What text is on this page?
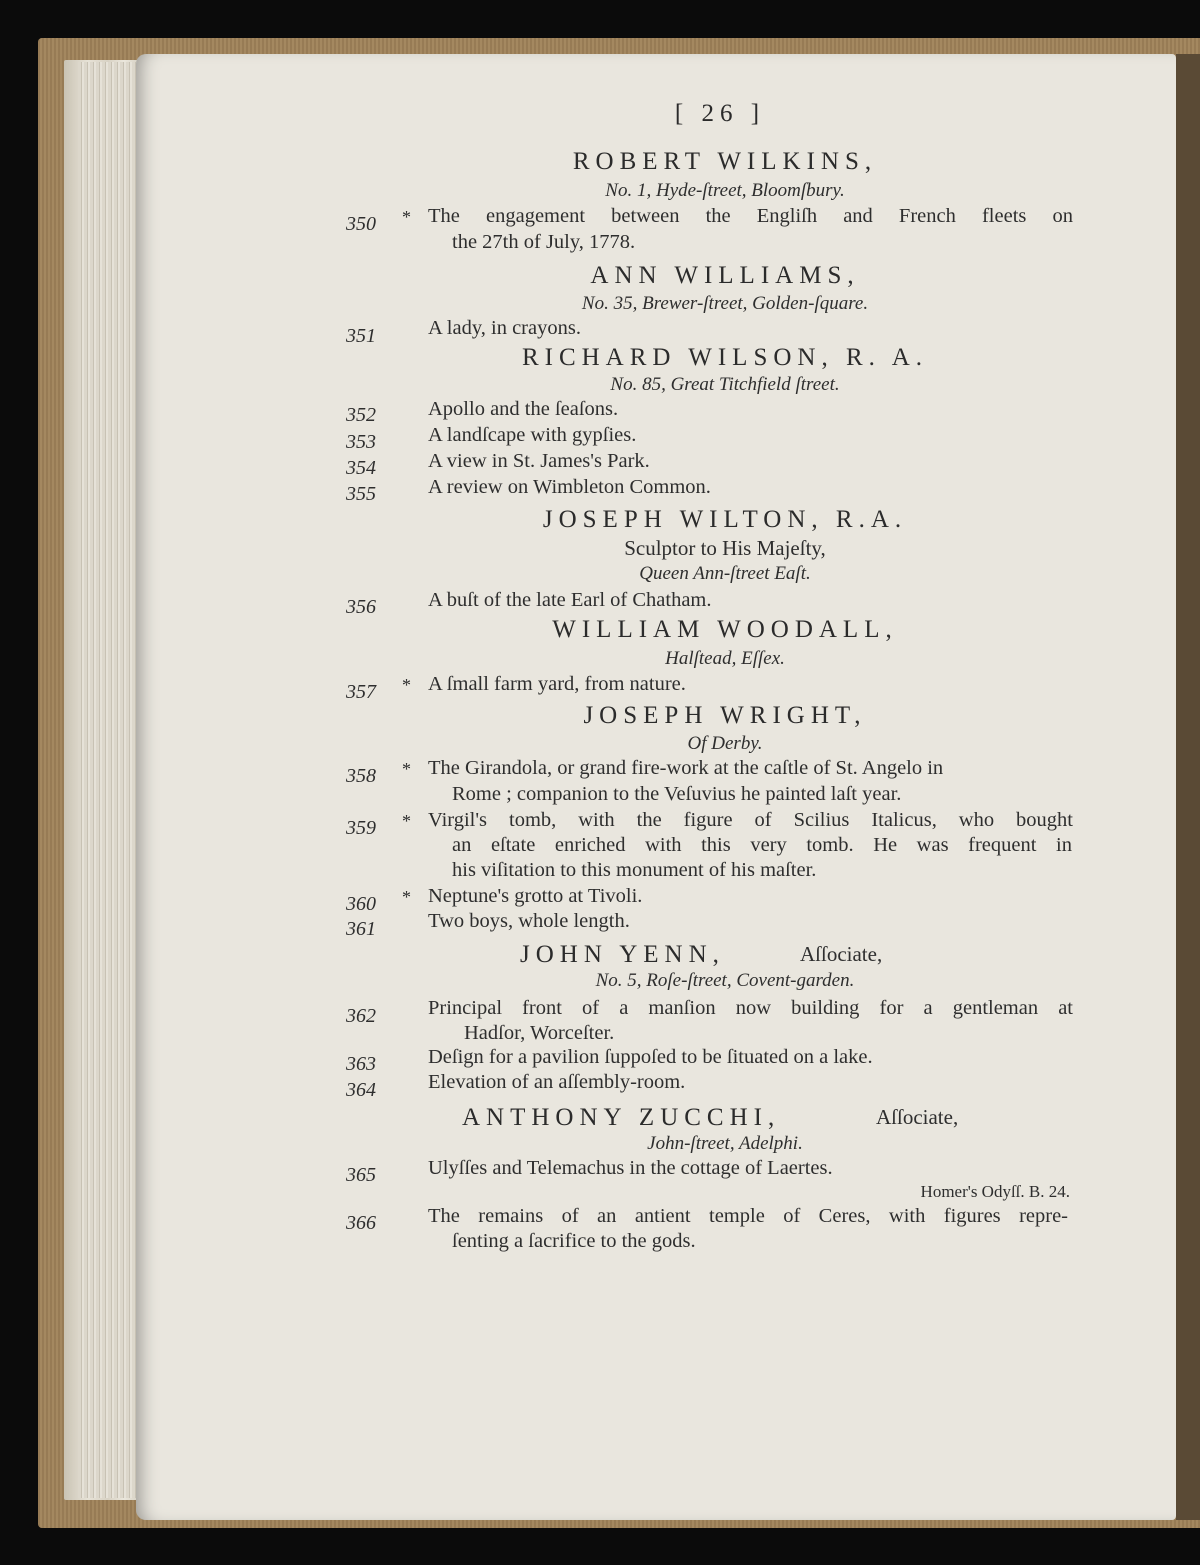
[ 26 ]
ROBERT WILKINS,
No. 1, Hyde-ſtreet, Bloomſbury.
350	* The engagement between the Engliſh and French fleets on
the 27th of July, 1778.
ANN WILLIAMS,
No. 35, Brewer-ſtreet, Golden-ſquare.
351	A lady, in crayons.
RICHARD WILSON, R. A.
No. 85, Great Titchfield ſtreet.
352	Apollo and the ſeaſons.
353	A landſcape with gypſies.
354	A view in St. James's Park.
355	A review on Wimbleton Common.
JOSEPH WILTON, R.A.
Sculptor to His Majeſty,
Queen Ann-ſtreet Eaſt.
356	A buſt of the late Earl of Chatham.
WILLIAM WOODALL,
Halſtead, Eſſex.
357	* A ſmall farm yard, from nature.
JOSEPH WRIGHT,
Of Derby.
358	* The Girandola, or grand fire-work at the caſtle of St. Angelo in
Rome ; companion to the Veſuvius he painted laſt year.
359	* Virgil's tomb, with the figure of Scilius Italicus, who bought
an eſtate enriched with this very tomb. He was frequent in
his viſitation to this monument of his maſter.
360	* Neptune's grotto at Tivoli.
361	Two boys, whole length.
JOHN YENN,	Aſſociate,
No. 5, Roſe-ſtreet, Covent-garden.
362	Principal front of a manſion now building for a gentleman at
Hadſor, Worceſter.
363	Deſign for a pavilion ſuppoſed to be ſituated on a lake.
364	Elevation of an aſſembly-room.
ANTHONY ZUCCHI,	Aſſociate,
John-ſtreet, Adelphi.
365	Ulyſſes and Telemachus in the cottage of Laertes.
Homer's Odyſſ. B. 24.
366	The remains of an antient temple of Ceres, with figures repre-
ſenting a ſacrifice to the gods.
